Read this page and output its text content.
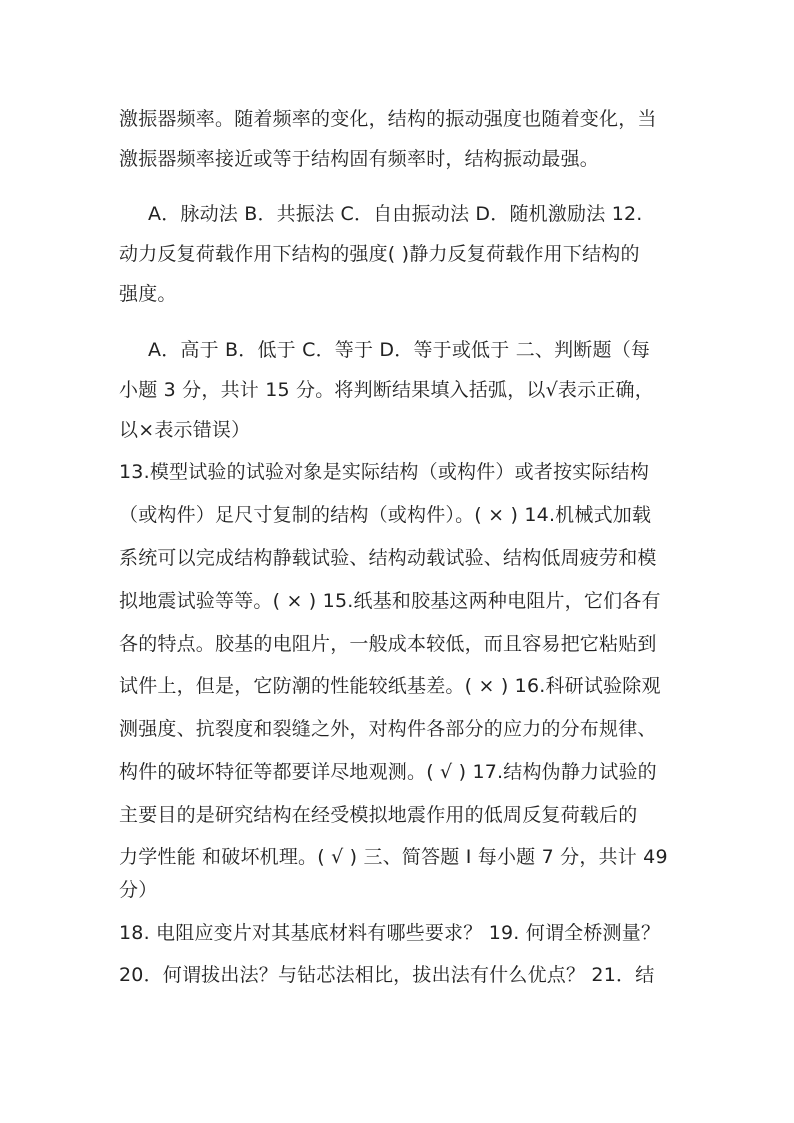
激振器频率。随着频率的变化，结构的振动强度也随着变化，当
激振器频率接近或等于结构固有频率时，结构振动最强。
A．脉动法 B．共振法 C．自由振动法 D．随机激励法 12.
动力反复荷载作用下结构的强度( )静力反复荷载作用下结构的
强度。
A．高于 B．低于 C．等于 D．等于或低于 二、判断题（每
小题 3 分，共计 15 分。将判断结果填入括弧，以√表示正确，
以×表示错误）
13.模型试验的试验对象是实际结构（或构件）或者按实际结构
（或构件）足尺寸复制的结构（或构件）。( × ) 14.机械式加载
系统可以完成结构静载试验、结构动载试验、结构低周疲劳和模
拟地震试验等等。( × ) 15.纸基和胶基这两种电阻片，它们各有
各的特点。胶基的电阻片，一般成本较低，而且容易把它粘贴到
试件上，但是，它防潮的性能较纸基差。( × ) 16.科研试验除观
测强度、抗裂度和裂缝之外，对构件各部分的应力的分布规律、
构件的破坏特征等都要详尽地观测。( √ ) 17.结构伪静力试验的
主要目的是研究结构在经受模拟地震作用的低周反复荷载后的
力学性能 和破坏机理。( √ ) 三、简答题 I 每小题 7 分，共计 49
分）
18. 电阻应变片对其基底材料有哪些要求？ 19. 何谓全桥测量？
20．何谓拔出法？与钻芯法相比，拔出法有什么优点？ 21．结
